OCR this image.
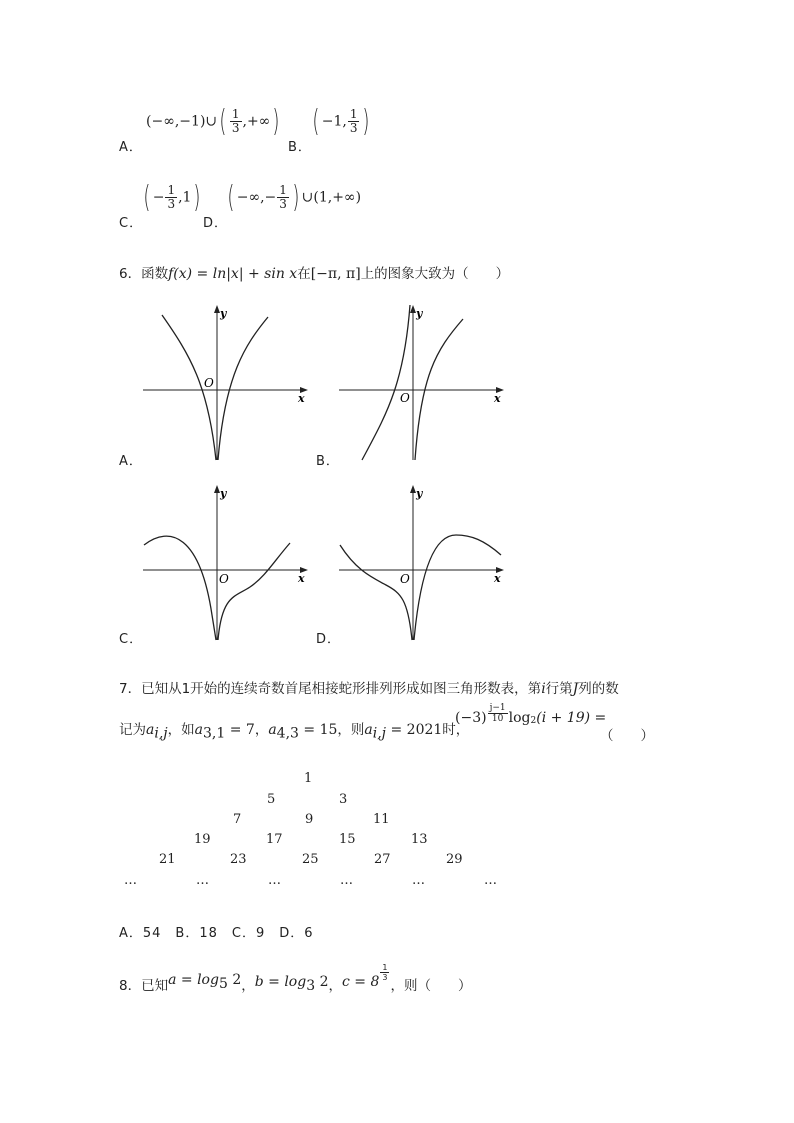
A．
(−∞,−1)∪( $\frac{1}{3}$ ,+∞)
B．
( −1, $\frac{1}{3}$ )
C．
( − $\frac{1}{3} ,1$)
D．
( −∞,− $\frac{1}{3}$ ) ∪(1,+∞)
6．函数f(x) = ln|x| + sin x在[−π, π]上的图象大致为（　　）
y
x
O
A．
y
x
O
B．
y
x
O
C．
y
x
O
D．
7．已知从1开始的连续奇数首尾相接蛇形排列形成如图三角形数表，第i行第J列的数
记为$a_{i,j}$，如$a_{3,1} = 7$，$a_{4,3} = 15$，则$a_{i,j} = 2021$时，
$(-3) \frac{j-1}{10} \log_2(i + 19)$ =
（　　）
1
5	3
7	9	11
19	17	15	13
21	23	25	27	29
…	…	…	…	…	…
A．54　B．18　C．9　D．6
8．已知$a = \log_5 2$，$b = \log_3 2$，c = 8
$\frac{1}{3}$
，则（　　）
